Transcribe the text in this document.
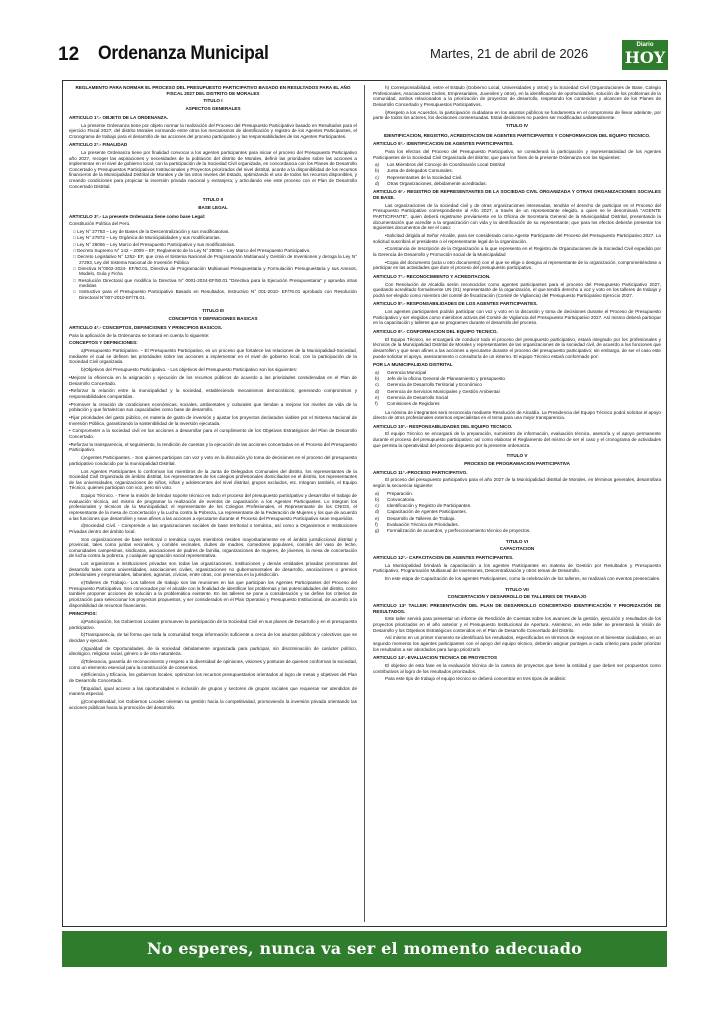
12 Ordenanza Municipal	Martes, 21 de abril de 2026
Diario
HOY

REGLAMENTO PARA NORMAR EL PROCESO DEL PRESUPUESTO PARTICIPATIVO BASADO EN RESULTADOS PARA EL AÑO FISCAL 2027 DEL DISTRITO DE MORALES

TITULO I

ASPECTOS GENERALES

ARTICULO 1°.- OBJETO DE LA ORDENANZA.

La presente Ordenanza tiene por objeto normar la realización del Proceso del Presupuesto Participativo basado en Resultados para el ejercicio Fiscal 2027, del distrito Morales normando entre otros los mecanismos de identificación y registro de los Agentes Participantes, el Cronograma de trabajo para el desarrollo de las acciones del proceso participativo y las responsabilidades de los Agentes Participantes.

ARTICULO 2°.- FINALIDAD

La presente Ordenanza tiene por finalidad convocar a los agentes participantes para iniciar el proceso del Presupuesto Participativo año 2027, recoger las aspiraciones y necesidades de la población del distrito de Morales, definir las prioridades sobre las acciones a implementar en el nivel de gobierno local, con la participación de la Sociedad Civil organizada, en concordancia con los Planes de Desarrollo Concertado y Presupuestos Participativos Institucionales y Proyectos priorizados del nivel distrital, acorde a la disponibilidad de los recursos financieros de la Municipalidad Distrital de Morales y de los otros niveles del Estado, optimizando el uso de todos los recursos disponibles, y creando condiciones para propiciar la inversión privada nacional y extranjera; y articulando ese este proceso con el Plan de Desarrollo Concertado Distrital.

TITULO II

BASE LEGAL

ARTICULO 3°.- La presente Ordenanza tiene como base Legal:

Constitución Política del Perú.

□ Ley N° 27783 – Ley de Bases de la Descentralización y sus modificatorias.

□ Ley N° 27972 – Ley Orgánica de Municipalidades y sus modificatorias.

□ Ley N° 28056 – Ley Marco del Presupuesto Participativo y sus modificatorias.

□ Decreto Supremo N° 142 – 2009 – EF, Reglamento de la Ley N° 28056 – Ley Marco del Presupuesto Participativo.

□ Decreto Legislativo N° 1252- EF, que crea el Sistema Nacional de Programación Multianual y Gestión de Inversiones y deroga la Ley N° 27293, Ley del Sistema Nacional de Inversión Pública

□ Directiva N°0002-2024- EF/50.01, Directiva de Programación Multianual Presupuestaria y Formulación Presupuestaria y sus Anexos, Modelo, Guía y Ficha

□ Resolución Directoral que modifica la Directiva N° 0001-2024-EF/50.01 "Directiva para la Ejecución Presupuestaria" y aprueba otras medidas

□ Instructivo para el Presupuesto Participativo Basado en Resultados, Instructivo N° 001-2010- EF/76.01 aprobado con Resolución Directoral N°007-2010-EF/76.01.

TITULO III

CONCEPTOS Y DEFINICIONES BASICAS

ARTICULO 4°.- CONCEPTOS, DEFINICIONES Y PRINCIPIOS BASICOS.

Para la aplicación de la Ordenanza se tomará en cuenta lo siguiente:

CONCEPTOS Y DEFINICIONES:

a)Presupuesto Participativo. – El Presupuesto Participativo, es un proceso que fortalece las relaciones de la Municipalidad-Sociedad, mediante el cual se definen las prioridades sobre las acciones a implementar en el nivel de gobierno local, con la participación de la Sociedad Civil organizada.

b)Objetivos del Presupuesto Participativo. - Los objetivos del Presupuesto Participativo son los siguientes:

•Mejorar la eficiencia en la asignación y ejecución de los recursos públicos de acuerdo a las prioridades consideradas en el Plan de Desarrollo Concertado.

•Reforzar la relación entre la municipalidad y la sociedad, estableciendo mecanismos democráticos, generando compromisos y responsabilidades compartidas.

•Promover la creación de condiciones económicas, sociales, ambientales y culturales que tiendan a mejorar los niveles de vida de la población y que fortalezcan sus capacidades como base de desarrollo.

•Fijar prioridades del gasto público, en materia de gasto de inversión y ajustar los proyectos declarados viables por el Sistema Nacional de Inversión Pública, garantizando la sostenibilidad de la inversión ejecutada.

• Comprometer a la sociedad civil en las acciones a desarrollar para el cumplimiento de los Objetivos Estratégicos del Plan de Desarrollo Concertado.

•Reforzar la transparencia, el seguimiento, la rendición de cuentas y la ejecución de las acciones concertadas en el Proceso del Presupuesto Participativo.

c)Agentes Participantes. - Son quienes participan con voz y voto en la discusión y/o toma de decisiones en el proceso del presupuesto participativo conducido por la municipalidad Distrital.

Los Agentes Participantes lo conforman los miembros de la Junta de Delegados Comunales del distrito, los representantes de la Sociedad Civil Organizada de ámbito distrital, los representantes de los colegios profesionales domiciliados en el distrito, los representantes de las universidades, organizaciones de niños, niñas y adolescentes del nivel distrital, grupos excluidos, etc. Integran también, el Equipo Técnico, quienes participan con voz, pero sin voto.

Equipo Técnico. - Tiene la misión de brindar soporte técnico en todo el proceso del presupuesto participativo y desarrollar el trabajo de evaluación técnica, así mismo de programar la realización de eventos de capacitación a los Agentes Participantes. Lo integran los profesionales y técnicos de la Municipalidad; el representante de los Colegios Profesionales, el Representante de los CNIGS, el representante de la mesa de Concertación y la Lucha contra la Pobreza, La representante de la Federación de Mujeres y los que de acuerdo a las funciones que desarrollen y sean afines a las acciones a ejecutarse durante el Proceso del Presupuesto Participativo sean requeridos.

d)Sociedad Civil. - Comprende a las organizaciones sociales de base territorial o temática, así como a Organismos e Instituciones Privadas dentro del ámbito local.

Son organizaciones de base territorial o temática cuyos miembros residen mayoritariamente en el ámbito jurisdiccional distrital y provincial, tales como juntas vecinales, y comités vecinales, clubes de madres, comedores populares, comités del vaso de leche, comunidades campesinas, sindicatos, asociaciones de padres de familia, organizaciones de mujeres, de jóvenes, la mesa de concertación de lucha contra la pobreza, y cualquier agrupación social representativa.

Los organismos e instituciones privadas son todas las organizaciones, instituciones y demás entidades privadas promotoras del desarrollo tales como universidades, asociaciones civiles, organizaciones no gubernamentales de desarrollo, asociaciones o gremios profesionales y empresariales, laborales, agrarias, cívicas, entre otras, con presencia en la jurisdicción.

e)Talleres de Trabajo.- Los talleres de trabajo son las reuniones en las que participan los Agentes Participantes del Proceso del Presupuesto Participativo. Son convocados por el alcalde con la finalidad de identificar los problemas y las potencialidades del distrito, como también proponer acciones de solución a la problemática existente. En los talleres se pone a consideración y se define los criterios de priorización para seleccionar los proyectos propuestos, y ser considerados en el Plan Operativo y Presupuesto Institucional, de acuerdo a la disponibilidad de recursos financieros.

PRINCIPIOS:

a)Participación, los Gobiernos Locales promueven la participación de la Sociedad Civil en sus planes de Desarrollo y en el presupuesto participativo.

b)Transparencia, de tal forma que toda la comunidad tenga información suficiente a cerca de los asuntos públicos y colectivos que se decidan y ejecuten.

c)Igualdad de Oportunidades, de la sociedad debidamente organizada para participar, sin discriminación de carácter político, ideológico, religioso racial, género o de otra naturaleza.

d)Tolerancia, garantía de reconocimiento y respeto a la diversidad de opiniones, visiones y posturas de quienes conforman la sociedad, como un elemento esencial para la construcción de consensos.

e)Eficiencia y Eficacia, los gobiernos locales, optimizan los recursos presupuestarios orientados al logro de metas y objetivos del Plan de Desarrollo Concertado.

f)Equidad, igual acceso a las oportunidades e inclusión de grupos y sectores de grupos sociales que requieran ser atendidos de manera especial.

g)Competitividad, los Gobiernos Locales orientan su gestión hacia la competitividad, promoviendo la inversión privada orientando las acciones públicas hacia la promoción del desarrollo.

h) Corresponsabilidad, entre el Estado (Gobierno Local, Universidades y otros) y la Sociedad Civil (Organizaciones de Base, Colegio Profesionales, Asociaciones Civiles, Empresariales, Juveniles y otros), en la identificación de oportunidades, solución de los problemas de la comunidad, ambos relacionados a la priorización de proyectos de desarrollo, respetando los contenidos y alcances de los Planes de Desarrollo Concertado y Presupuestos Participativos.

i)Respeto a los Acuerdos, la participación ciudadana en los asuntos públicos se fundamenta en el compromiso de llevar adelante, por parte de todos los actores, los decisiones consensuadas. Estas decisiones no pueden ser modificadas unilateralmente.

TITULO IV

IDENTIFICACION, REGISTRO, ACREDITACION DE AGENTES PARTICIPANTES Y CONFORMACION DEL EQUIPO TECNICO.

ARTICULO 5°.- IDENTIFICACION DE AGENTES PARTICIPANTES.

Para los efectos del Proceso del Presupuesto Participativo, se considerará la participación y representatividad de los Agentes Participantes de la Sociedad Civil Organizada del distrito; que para los fines de la presente Ordenanza son los siguientes:

a) Los Miembros del Concejo de Coordinación Local Distrital

b) Junta de delegados Comunales.

c) Representantes de la Sociedad Civil.

d) Otras Organizaciones, debidamente acreditadas.

ARTICULO 6°.- REGISTRO DE REPRESENTANTES DE LA SOCIEDAD CIVIL ORGANIZADA Y OTRAS ORGANIZACIONES SOCIALES DE BASE.

Las organizaciones de la sociedad civil y de otras organizaciones interesadas, tendrán el derecho de participar en el Proceso del Presupuesto Participativo correspondiente al Año 2027, a través de un representante elegido, a quien se le denominará "AGENTE PARTICIPANTE", quien deberá registrarse previamente en la Oficina de Secretaria General de la Municipalidad Distrital, presentando la documentación que acredite a la organización con vida y la identificación de su representante; que para los efectos deberán presentar los siguientes documentos de ser el caso:

•Solicitud dirigida al Señor Alcalde, para ser considerado como Agente Participante del Proceso del Presupuesto Participativo 2027. La solicitud suscribirá el presidente o el representante legal de la organización.

•Constancia de Inscripción de la Organización a la que representa en el Registro de Organizaciones de la Sociedad Civil expedido por la Gerencia de Desarrollo y Promoción social de la Municipalidad

•Copia del documento (acta u otro documento) con el que se elige o designa al representante de la organización, comprometiéndose a participar en las actividades que dure el proceso del presupuesto participativo.

ARTICULO 7°.- RECONOCIMIENTO Y ACREDITACION.

Con Resolución de Alcaldía serán reconocidos como agentes participantes para el proceso del Presupuesto Participativo 2027, quedando acreditado formalmente UN (01) representante de la organización, el que tendrá derecho a voz y voto en los talleres de trabajo y podrá ser elegido como miembro del comité de fiscalización (Comité de Vigilancia) del Presupuesto Participativo Ejercicio 2027.

ARTICULO 8°.- RESPONSABILIDADES DE LOS AGENTES PARTICIPANTES.

Los agentes participantes podrán participar con voz y voto en la discusión y toma de decisiones durante el Proceso de Presupuesto Participativo y ser elegidos como miembros activos del Comité de Vigilancia del Presupuesto Participativo 2027. Así mismo deberá participar en la capacitación y talleres que se programen durante el desarrollo del proceso.

ARTICULO 9°.- CONFORMACION DEL EQUIPO TECNICO.

El Equipo Técnico, se encargará de conducir todo el proceso del presupuesto participativo, estará integrado por los profesionales y técnicos de la Municipalidad Distrital de Morales y representantes de las organizaciones de la sociedad civil, de acuerdo a las funciones que desarrollen y que sean afines a las acciones a ejecutarse durante el proceso del presupuesto participativo; sin embargo, de ser el caso este puede solicitar el apoyo, asesoramiento o consultoría de un externo. El equipo Técnico estará conformado por:

POR LA MUNICIPALIDAD DISTRITAL

a) Gerencia Municipal

b) Jefe de la oficina General de Planeamiento y presupuesto

c) Gerencia de Desarrollo Territorial y Económico

d) Gerencia de Servicios Municipales y Gestión Ambiental

e) Gerencia de Desarrollo Social

f) Comisiones de Regidores

La nómina de integrantes será reconocida mediante Resolución de Alcaldía. La Presidencia del Equipo Técnico podrá solicitar el apoyo directo de otros profesionales externos especialistas en el tema para una mejor transparencia.

ARTICULO 10°.- RESPONSABILIDADES DEL EQUIPO TECNICO.

El equipo Técnico se encargará de la preparación, suministro de información, evaluación técnica, asesoría y el apoyo permanente durante el proceso del presupuesto participativo; así como elaborar el Reglamento del mismo de ser el caso y el cronograma de actividades que permita la operatividad del proceso dispuesto por la presente ordenanza.

TITULO V

PROCESO DE PROGRAMACION PARTICIPATIVA

ARTICULO 11°.-PROCESO PARTICIPATIVO.

El proceso del presupuesto participativo para el año 2027 de la Municipalidad distrital de Morales, en términos generales, desarrollara según la secuencia siguiente:

a) Preparación.

b) Convocatoria.

c) Identificación y Registro de Participantes.

d) Capacitación de Agentes Participantes.

e) Desarrollo de Talleres de Trabajo.

f) Evaluación Técnica de Prioridades.

g) Formalización de acuerdos, y perfeccionamiento técnico de proyectos.

TITULO VI

CAPACITACION

ARTICULO 12°.- CAPACITACION DE AGENTES PARTICIPANTES.

La Municipalidad brindará la capacitación a los agentes Participantes en materia de Gestión por Resultados y Presupuesto Participativo, Programación Multianual de Inversiones, Descentralización y otros temas de Desarrollo.

En este etapa de Capacitación de los agentes Participantes, como la celebración de los talleres, se realizará con eventos presenciales.

TITULO VII

CONCERTACION Y DESARROLLO DE TALLERES DE TRABAJO

ARTICULO 13° TALLER: PRESENTACIÓN DEL PLAN DE DESARROLLO CONCERTADO IDENTIFICACIÓN Y PRIORIZACIÓN DE RESULTADOS.

Este taller servirá para presentar un informe de Rendición de Cuentas sobre los avances de la gestión, ejecución y resultados de los proyectos priorizados en el año anterior y el Presupuesto Institucional de Apertura. Asimismo, en este taller se presentará la Visión de Desarrollo y los Objetivos Estratégicos contenidos en el Plan de Desarrollo Concertado del Distrito.

Así mismo en un primer momento se identificará los resultados, especificados en términos de mejoras en el bienestar ciudadano, en un segundo momento los agentes participantes con el apoyo del equipo técnico, deberán asignar puntajes a cada criterio para poder priorizar los resultados a ser abordados para luego priorizarlo

ARTICULO 14°.-EVALUACION TECNICA DE PROYECTOS

El objetivo de esta fase es la evaluación técnica de la cartera de proyectos que tiene la entidad y que deben ser propuestos como contributivos al logro de los resultados priorizados.

Para este tipo de trabajo el equipo técnico se deberá concentrar en tres tipos de análisis:

No esperes, nunca va ser el momento adecuado
